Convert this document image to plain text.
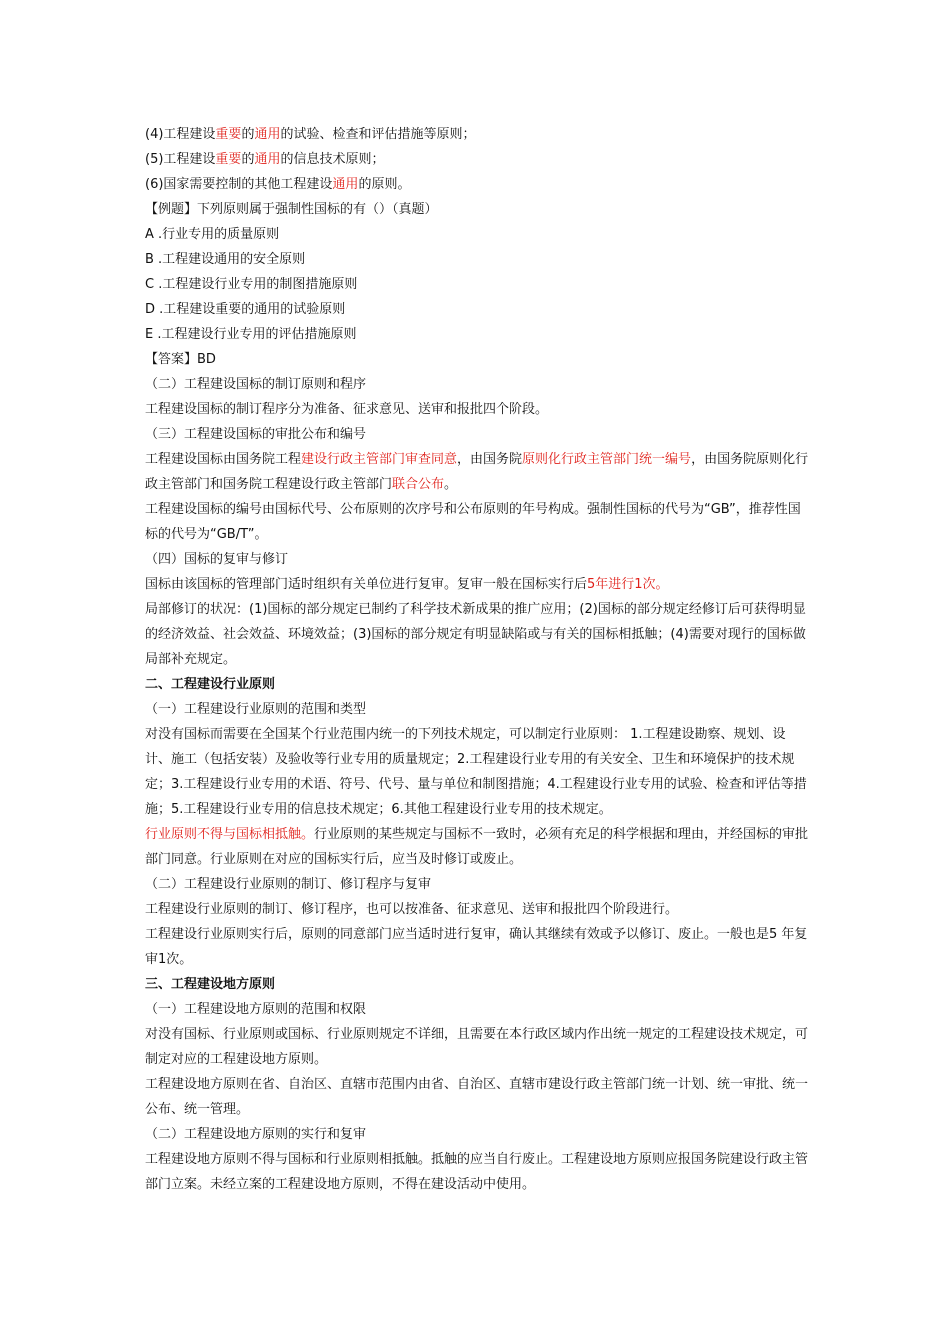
(4)工程建设重要的通用的试验、检查和评估措施等原则；

(5)工程建设重要的通用的信息技术原则；

(6)国家需要控制的其他工程建设通用的原则。

【例题】下列原则属于强制性国标的有（）（真题）

A .行业专用的质量原则

B .工程建设通用的安全原则

C .工程建设行业专用的制图措施原则

D .工程建设重要的通用的试验原则

E .工程建设行业专用的评估措施原则

【答案】BD

（二）工程建设国标的制订原则和程序

工程建设国标的制订程序分为准备、征求意见、送审和报批四个阶段。

（三）工程建设国标的审批公布和编号

工程建设国标由国务院工程建设行政主管部门审查同意，由国务院原则化行政主管部门统一编号，由国务院原则化行政主管部门和国务院工程建设行政主管部门联合公布。

工程建设国标的编号由国标代号、公布原则的次序号和公布原则的年号构成。强制性国标的代号为“GB”，推荐性国标的代号为“GB/T”。

（四）国标的复审与修订

国标由该国标的管理部门适时组织有关单位进行复审。复审一般在国标实行后5年进行1次。

局部修订的状况：(1)国标的部分规定已制约了科学技术新成果的推广应用；(2)国标的部分规定经修订后可获得明显的经济效益、社会效益、环境效益；(3)国标的部分规定有明显缺陷或与有关的国标相抵触；(4)需要对现行的国标做局部补充规定。

二、工程建设行业原则

（一）工程建设行业原则的范围和类型

对没有国标而需要在全国某个行业范围内统一的下列技术规定，可以制定行业原则： 1.工程建设勘察、规划、设计、施工（包括安装）及验收等行业专用的质量规定；2.工程建设行业专用的有关安全、卫生和环境保护的技术规定；3.工程建设行业专用的术语、符号、代号、量与单位和制图措施；4.工程建设行业专用的试验、检查和评估等措施；5.工程建设行业专用的信息技术规定；6.其他工程建设行业专用的技术规定。

行业原则不得与国标相抵触。行业原则的某些规定与国标不一致时，必须有充足的科学根据和理由，并经国标的审批部门同意。行业原则在对应的国标实行后，应当及时修订或废止。

（二）工程建设行业原则的制订、修订程序与复审

工程建设行业原则的制订、修订程序，也可以按准备、征求意见、送审和报批四个阶段进行。

工程建设行业原则实行后，原则的同意部门应当适时进行复审，确认其继续有效或予以修订、废止。一般也是5 年复审1次。

三、工程建设地方原则

（一）工程建设地方原则的范围和权限

对没有国标、行业原则或国标、行业原则规定不详细，且需要在本行政区域内作出统一规定的工程建设技术规定，可制定对应的工程建设地方原则。

工程建设地方原则在省、自治区、直辖市范围内由省、自治区、直辖市建设行政主管部门统一计划、统一审批、统一公布、统一管理。

（二）工程建设地方原则的实行和复审

工程建设地方原则不得与国标和行业原则相抵触。抵触的应当自行废止。工程建设地方原则应报国务院建设行政主管部门立案。未经立案的工程建设地方原则，不得在建设活动中使用。
